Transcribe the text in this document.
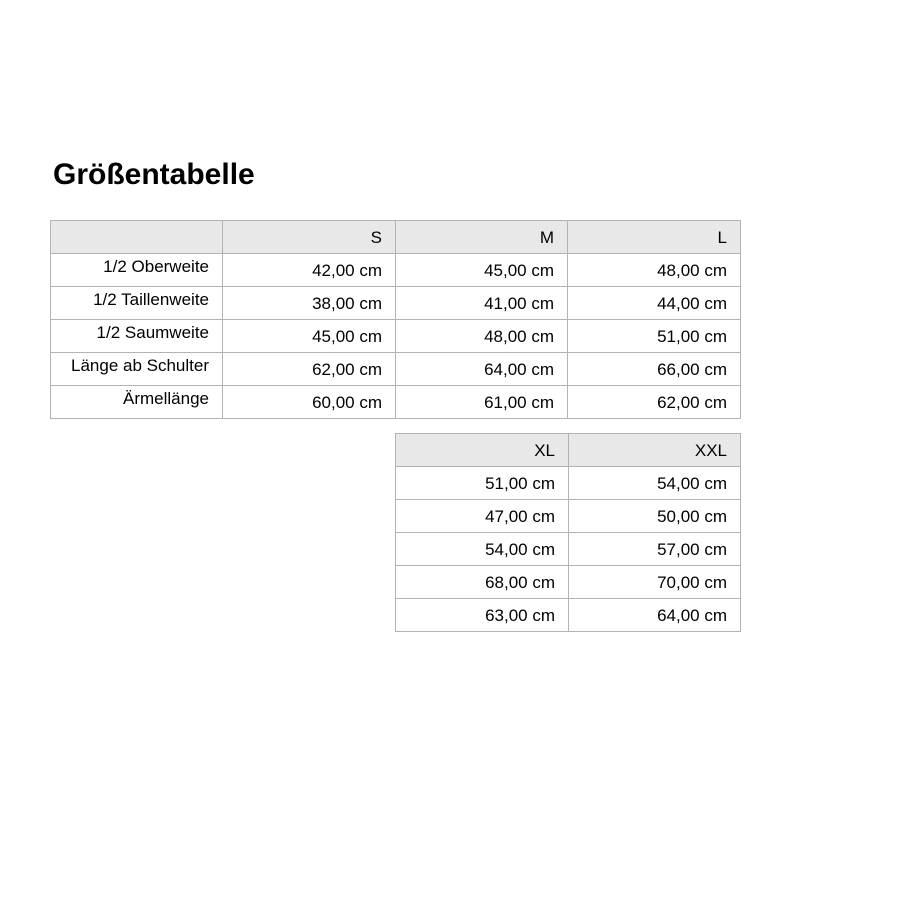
Größentabelle
	S	M	L
1/2 Oberweite	42,00 cm	45,00 cm	48,00 cm
1/2 Taillenweite	38,00 cm	41,00 cm	44,00 cm
1/2 Saumweite	45,00 cm	48,00 cm	51,00 cm
Länge ab Schulter	62,00 cm	64,00 cm	66,00 cm
Ärmellänge	60,00 cm	61,00 cm	62,00 cm
XL	XXL
51,00 cm	54,00 cm
47,00 cm	50,00 cm
54,00 cm	57,00 cm
68,00 cm	70,00 cm
63,00 cm	64,00 cm
